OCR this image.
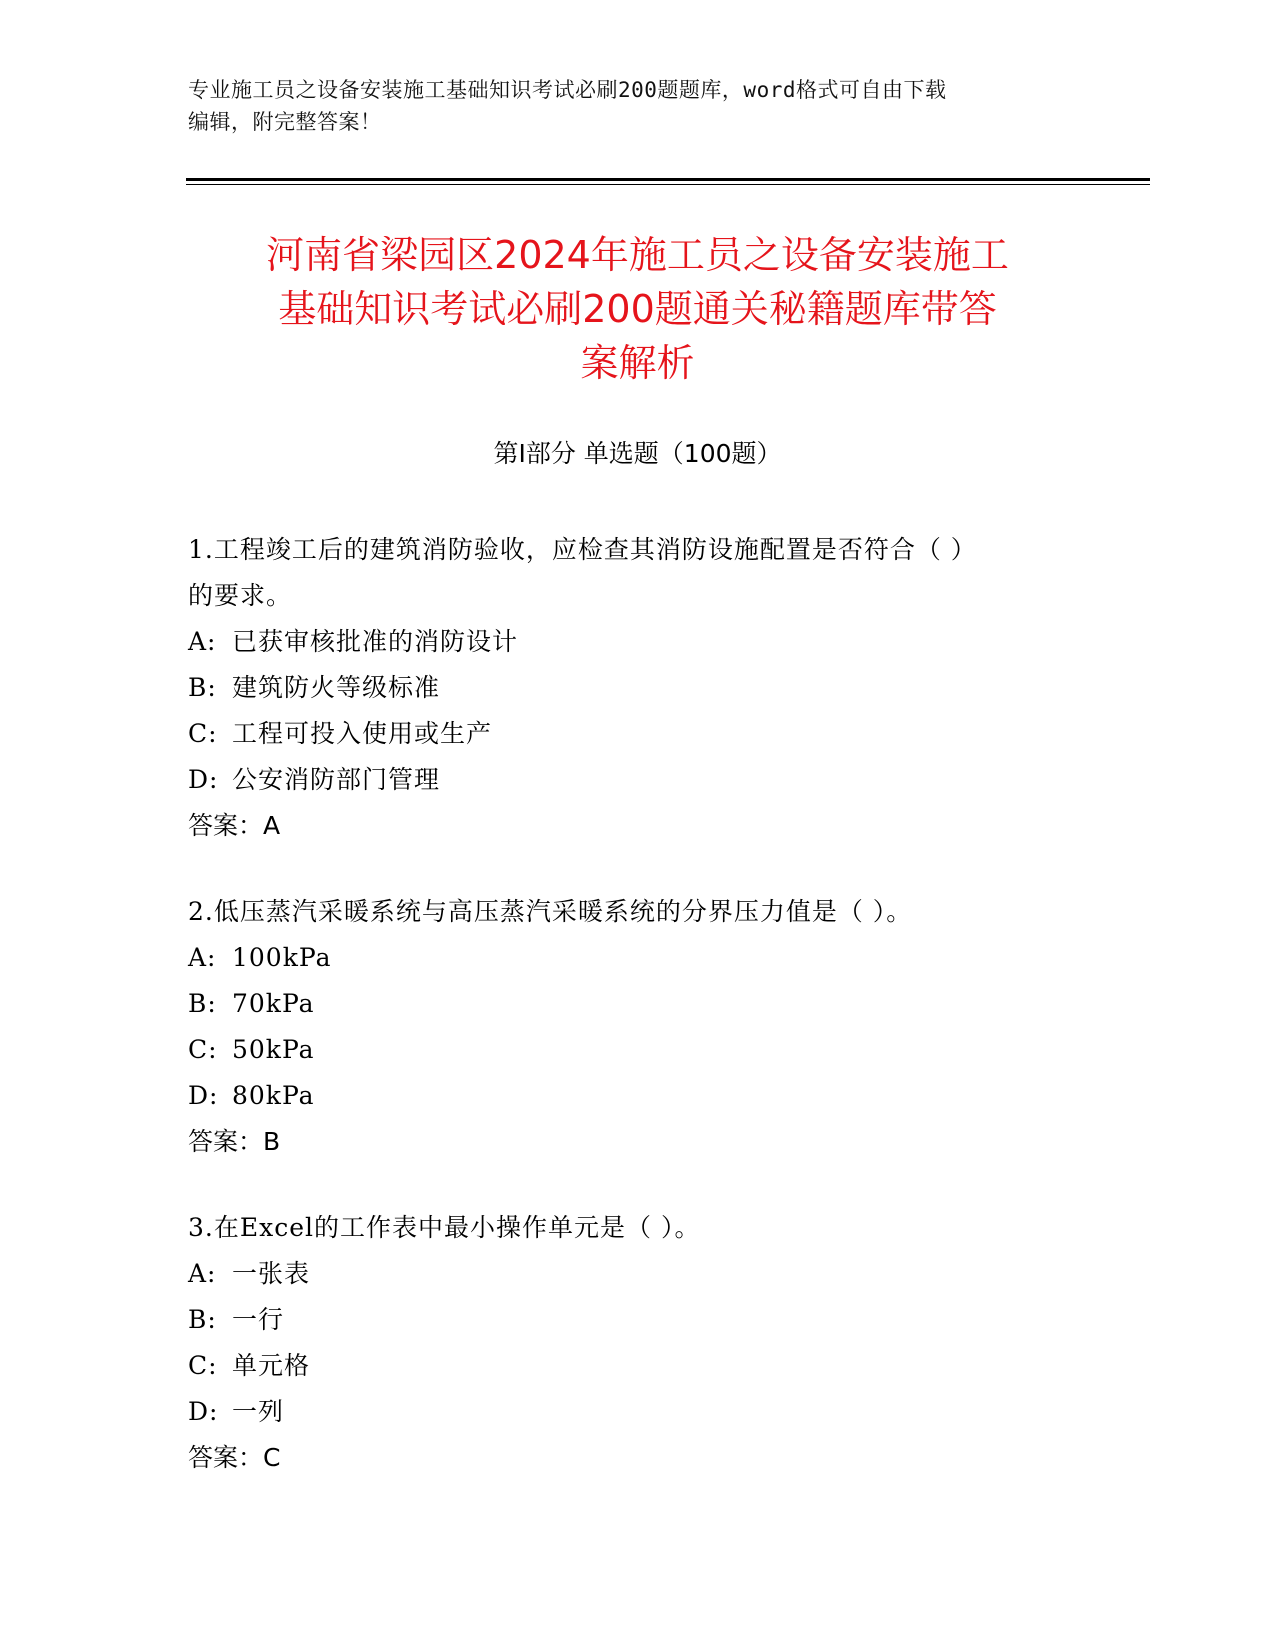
专业施工员之设备安装施工基础知识考试必刷200题题库，word格式可自由下载
编辑，附完整答案！
河南省梁园区2024年施工员之设备安装施工
基础知识考试必刷200题通关秘籍题库带答
案解析
第Ⅰ部分 单选题（100题）
1.工程竣工后的建筑消防验收，应检查其消防设施配置是否符合（ ）
的要求。
A: 已获审核批准的消防设计
B: 建筑防火等级标准
C: 工程可投入使用或生产
D: 公安消防部门管理
答案：A
2.低压蒸汽采暖系统与高压蒸汽采暖系统的分界压力值是（ ）。
A: 100kPa
B: 70kPa
C: 50kPa
D: 80kPa
答案：B
3.在Excel的工作表中最小操作单元是（ ）。
A: 一张表
B: 一行
C: 单元格
D: 一列
答案：C
